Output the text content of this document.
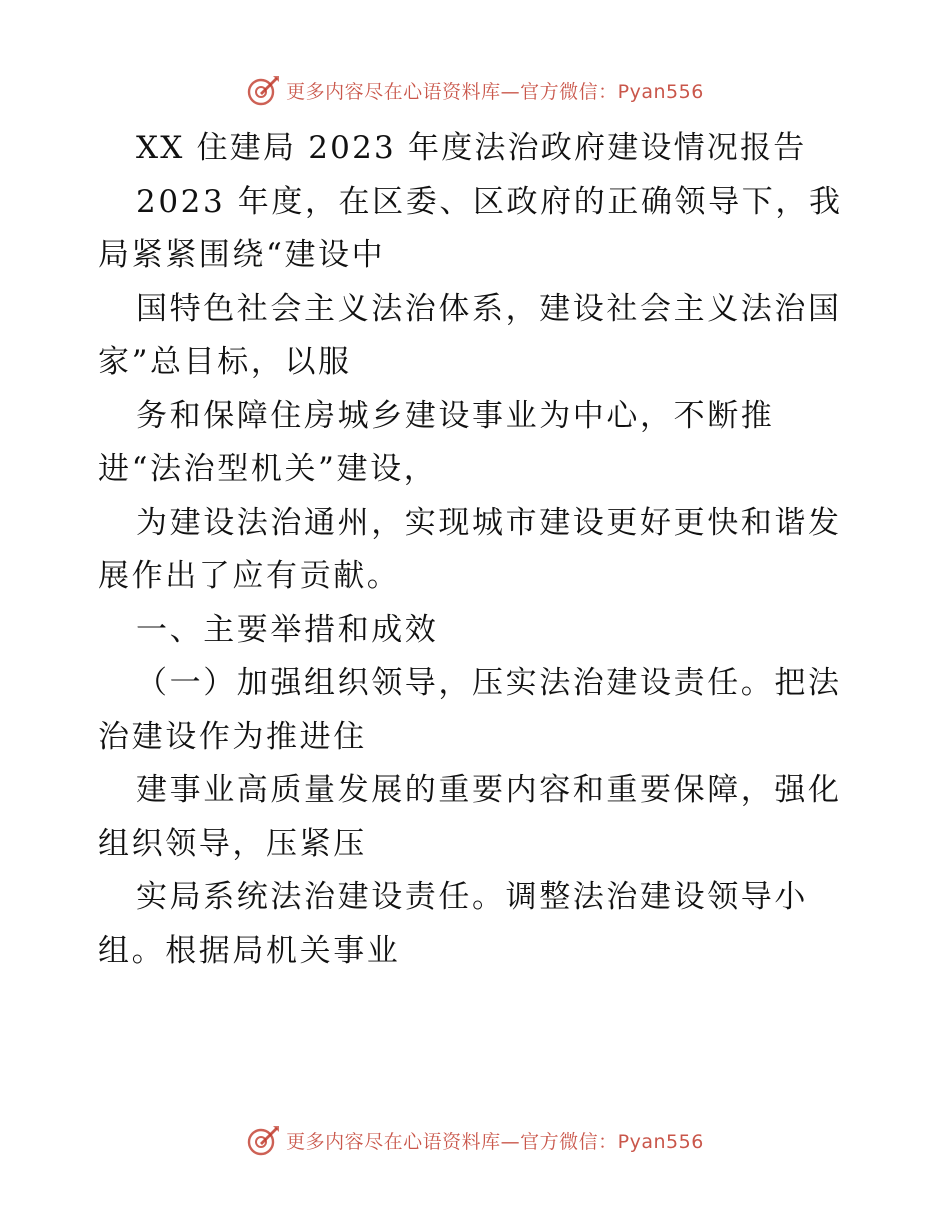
更多内容尽在心语资料库—官方微信：Pyan556
XX 住建局 2023 年度法治政府建设情况报告
2023 年度，在区委、区政府的正确领导下，我
局紧紧围绕“建设中
国特色社会主义法治体系，建设社会主义法治国
家”总目标，以服
务和保障住房城乡建设事业为中心，不断推
进“法治型机关”建设，
为建设法治通州，实现城市建设更好更快和谐发
展作出了应有贡献。
一、主要举措和成效
（一）加强组织领导，压实法治建设责任。把法
治建设作为推进住
建事业高质量发展的重要内容和重要保障，强化
组织领导，压紧压
实局系统法治建设责任。调整法治建设领导小
组。根据局机关事业
更多内容尽在心语资料库—官方微信：Pyan556
